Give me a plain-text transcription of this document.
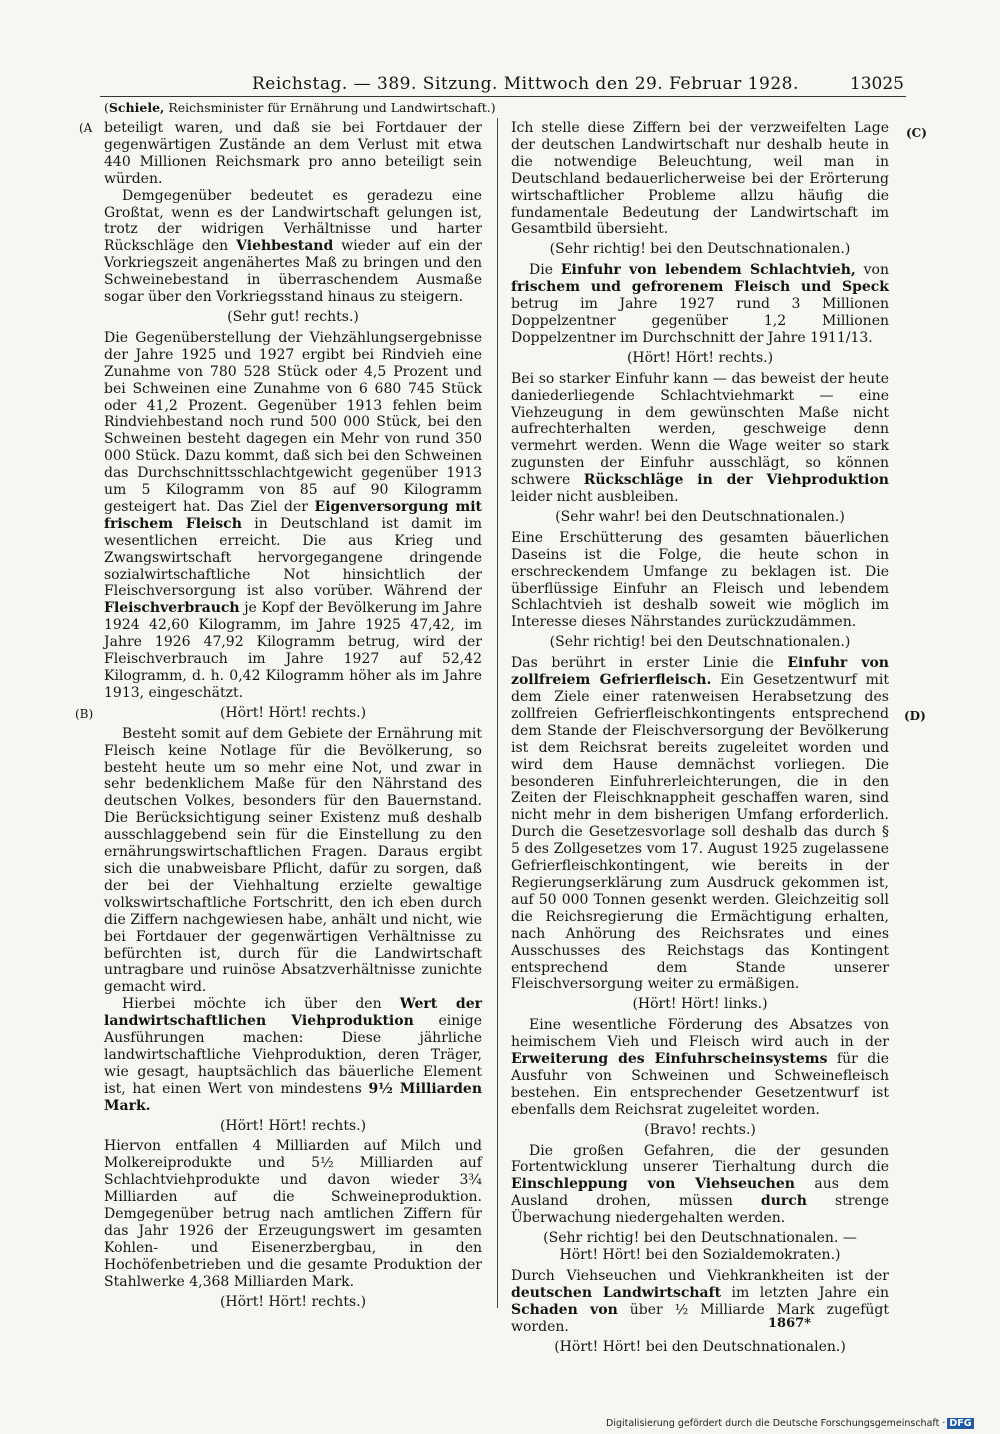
Reichstag. — 389. Sitzung. Mittwoch den 29. Februar 1928.	13025
(Schiele, Reichsminister für Ernährung und Landwirtschaft.)
(A
(B)
(C)
(D)

beteiligt waren, und daß sie bei Fortdauer der gegenwärtigen Zustände an dem Verlust mit etwa 440 Millionen Reichsmark pro anno beteiligt sein würden.

Demgegenüber bedeutet es geradezu eine Großtat, wenn es der Landwirtschaft gelungen ist, trotz der widrigen Verhältnisse und harter Rückschläge den Viehbestand wieder auf ein der Vorkriegszeit angenähertes Maß zu bringen und den Schweinebestand in überraschendem Ausmaße sogar über den Vorkriegsstand hinaus zu steigern.

(Sehr gut! rechts.)

Die Gegenüberstellung der Viehzählungsergebnisse der Jahre 1925 und 1927 ergibt bei Rindvieh eine Zunahme von 780 528 Stück oder 4,5 Prozent und bei Schweinen eine Zunahme von 6 680 745 Stück oder 41,2 Prozent. Gegenüber 1913 fehlen beim Rindviehbestand noch rund 500 000 Stück, bei den Schweinen besteht dagegen ein Mehr von rund 350 000 Stück. Dazu kommt, daß sich bei den Schweinen das Durchschnittsschlachtgewicht gegenüber 1913 um 5 Kilogramm von 85 auf 90 Kilogramm gesteigert hat. Das Ziel der Eigenversorgung mit frischem Fleisch in Deutschland ist damit im wesentlichen erreicht. Die aus Krieg und Zwangswirtschaft hervorgegangene dringende sozialwirtschaftliche Not hinsichtlich der Fleischversorgung ist also vorüber. Während der Fleischverbrauch je Kopf der Bevölkerung im Jahre 1924 42,60 Kilogramm, im Jahre 1925 47,42, im Jahre 1926 47,92 Kilogramm betrug, wird der Fleischverbrauch im Jahre 1927 auf 52,42 Kilogramm, d. h. 0,42 Kilogramm höher als im Jahre 1913, eingeschätzt.

(Hört! Hört! rechts.)

Besteht somit auf dem Gebiete der Ernährung mit Fleisch keine Notlage für die Bevölkerung, so besteht heute um so mehr eine Not, und zwar in sehr bedenklichem Maße für den Nährstand des deutschen Volkes, besonders für den Bauernstand. Die Berücksichtigung seiner Existenz muß deshalb ausschlaggebend sein für die Einstellung zu den ernährungswirtschaftlichen Fragen. Daraus ergibt sich die unabweisbare Pflicht, dafür zu sorgen, daß der bei der Viehhaltung erzielte gewaltige volkswirtschaftliche Fortschritt, den ich eben durch die Ziffern nachgewiesen habe, anhält und nicht, wie bei Fortdauer der gegenwärtigen Verhältnisse zu befürchten ist, durch für die Landwirtschaft untragbare und ruinöse Absatzverhältnisse zunichte gemacht wird.

Hierbei möchte ich über den Wert der landwirtschaftlichen Viehproduktion einige Ausführungen machen: Diese jährliche landwirtschaftliche Viehproduktion, deren Träger, wie gesagt, hauptsächlich das bäuerliche Element ist, hat einen Wert von mindestens 9½ Milliarden Mark.

(Hört! Hört! rechts.)

Hiervon entfallen 4 Milliarden auf Milch und Molkereiprodukte und 5½ Milliarden auf Schlachtviehprodukte und davon wieder 3¾ Milliarden auf die Schweineproduktion. Demgegenüber betrug nach amtlichen Ziffern für das Jahr 1926 der Erzeugungswert im gesamten Kohlen- und Eisenerzbergbau, in den Hochöfenbetrieben und die gesamte Produktion der Stahlwerke 4,368 Milliarden Mark.

(Hört! Hört! rechts.)

Ich stelle diese Ziffern bei der verzweifelten Lage der deutschen Landwirtschaft nur deshalb heute in die notwendige Beleuchtung, weil man in Deutschland bedauerlicherweise bei der Erörterung wirtschaftlicher Probleme allzu häufig die fundamentale Bedeutung der Landwirtschaft im Gesamtbild übersieht.

(Sehr richtig! bei den Deutschnationalen.)

Die Einfuhr von lebendem Schlachtvieh, von frischem und gefrorenem Fleisch und Speck betrug im Jahre 1927 rund 3 Millionen Doppelzentner gegenüber 1,2 Millionen Doppelzentner im Durchschnitt der Jahre 1911/13.

(Hört! Hört! rechts.)

Bei so starker Einfuhr kann — das beweist der heute daniederliegende Schlachtviehmarkt — eine Viehzeugung in dem gewünschten Maße nicht aufrechterhalten werden, geschweige denn vermehrt werden. Wenn die Wage weiter so stark zugunsten der Einfuhr ausschlägt, so können schwere Rückschläge in der Viehproduktion leider nicht ausbleiben.

(Sehr wahr! bei den Deutschnationalen.)

Eine Erschütterung des gesamten bäuerlichen Daseins ist die Folge, die heute schon in erschreckendem Umfange zu beklagen ist. Die überflüssige Einfuhr an Fleisch und lebendem Schlachtvieh ist deshalb soweit wie möglich im Interesse dieses Nährstandes zurückzudämmen.

(Sehr richtig! bei den Deutschnationalen.)

Das berührt in erster Linie die Einfuhr von zollfreiem Gefrierfleisch. Ein Gesetzentwurf mit dem Ziele einer ratenweisen Herabsetzung des zollfreien Gefrierfleischkontingents entsprechend dem Stande der Fleischversorgung der Bevölkerung ist dem Reichsrat bereits zugeleitet worden und wird dem Hause demnächst vorliegen. Die besonderen Einfuhrerleichterungen, die in den Zeiten der Fleischknappheit geschaffen waren, sind nicht mehr in dem bisherigen Umfang erforderlich. Durch die Gesetzesvorlage soll deshalb das durch § 5 des Zollgesetzes vom 17. August 1925 zugelassene Gefrierfleischkontingent, wie bereits in der Regierungserklärung zum Ausdruck gekommen ist, auf 50 000 Tonnen gesenkt werden. Gleichzeitig soll die Reichsregierung die Ermächtigung erhalten, nach Anhörung des Reichsrates und eines Ausschusses des Reichstags das Kontingent entsprechend dem Stande unserer Fleischversorgung weiter zu ermäßigen.

(Hört! Hört! links.)

Eine wesentliche Förderung des Absatzes von heimischem Vieh und Fleisch wird auch in der Erweiterung des Einfuhrscheinsystems für die Ausfuhr von Schweinen und Schweinefleisch bestehen. Ein entsprechender Gesetzentwurf ist ebenfalls dem Reichsrat zugeleitet worden.

(Bravo! rechts.)

Die großen Gefahren, die der gesunden Fortentwicklung unserer Tierhaltung durch die Einschleppung von Viehseuchen aus dem Ausland drohen, müssen durch strenge Überwachung niedergehalten werden.

(Sehr richtig! bei den Deutschnationalen. —

Hört! Hört! bei den Sozialdemokraten.)

Durch Viehseuchen und Viehkrankheiten ist der deutschen Landwirtschaft im letzten Jahre ein Schaden von über ½ Milliarde Mark zugefügt worden.

(Hört! Hört! bei den Deutschnationalen.)

1867*
Digitalisierung gefördert durch die Deutsche Forschungsgemeinschaft · DFG
